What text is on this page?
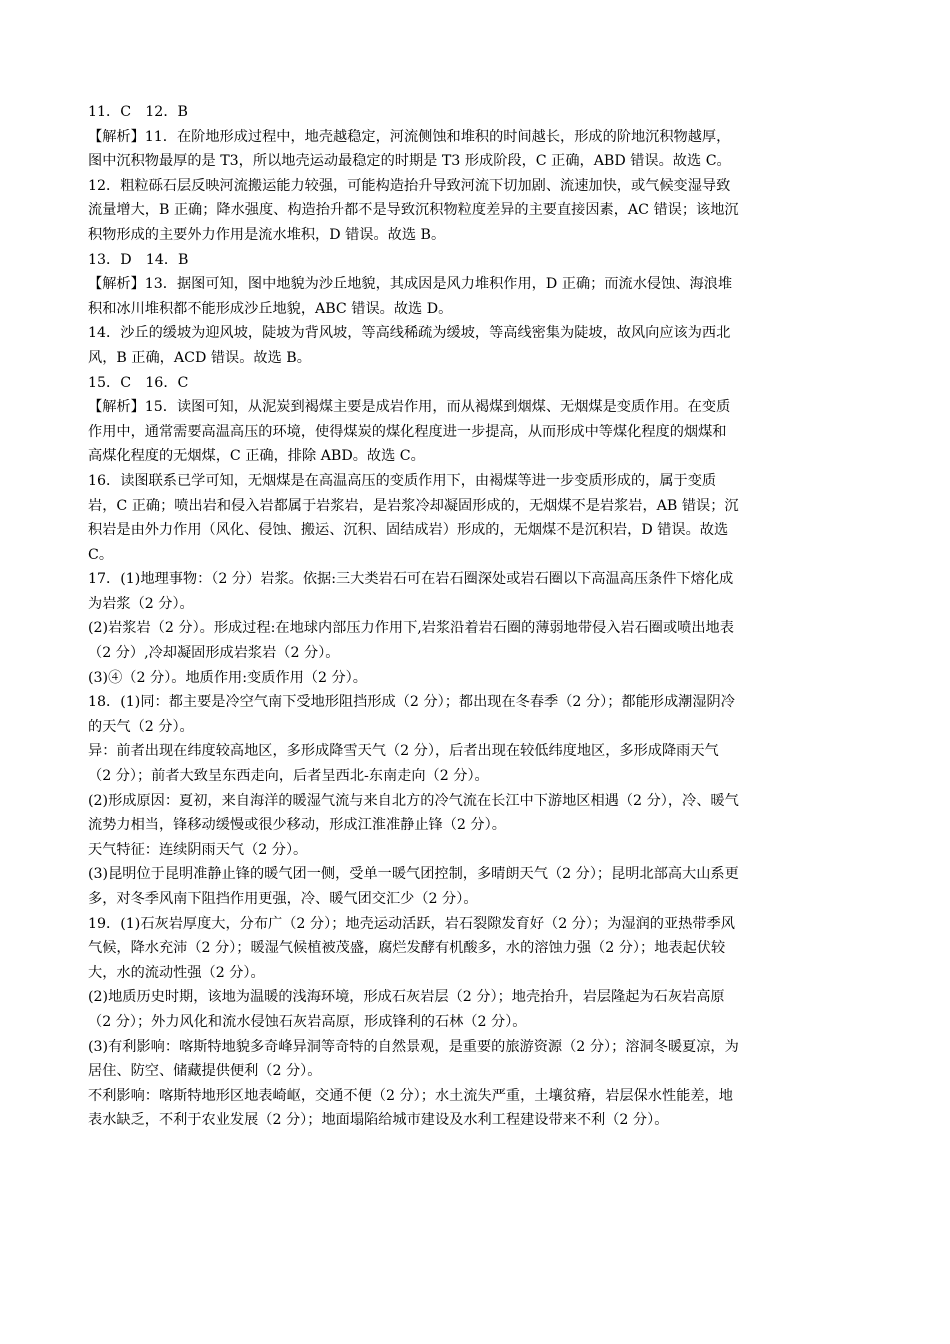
11．C　12．B
【解析】11．在阶地形成过程中，地壳越稳定，河流侧蚀和堆积的时间越长，形成的阶地沉积物越厚，
图中沉积物最厚的是 T3，所以地壳运动最稳定的时期是 T3 形成阶段，C 正确，ABD 错误。故选 C。
12．粗粒砾石层反映河流搬运能力较强，可能构造抬升导致河流下切加剧、流速加快，或气候变湿导致
流量增大，B 正确；降水强度、构造抬升都不是导致沉积物粒度差异的主要直接因素，AC 错误；该地沉
积物形成的主要外力作用是流水堆积，D 错误。故选 B。
13．D　14．B
【解析】13．据图可知，图中地貌为沙丘地貌，其成因是风力堆积作用，D 正确；而流水侵蚀、海浪堆
积和冰川堆积都不能形成沙丘地貌，ABC 错误。故选 D。
14．沙丘的缓坡为迎风坡，陡坡为背风坡，等高线稀疏为缓坡，等高线密集为陡坡，故风向应该为西北
风，B 正确，ACD 错误。故选 B。
15．C　16．C
【解析】15．读图可知，从泥炭到褐煤主要是成岩作用，而从褐煤到烟煤、无烟煤是变质作用。在变质
作用中，通常需要高温高压的环境，使得煤炭的煤化程度进一步提高，从而形成中等煤化程度的烟煤和
高煤化程度的无烟煤，C 正确，排除 ABD。故选 C。
16．读图联系已学可知，无烟煤是在高温高压的变质作用下，由褐煤等进一步变质形成的，属于变质
岩，C 正确；喷出岩和侵入岩都属于岩浆岩，是岩浆冷却凝固形成的，无烟煤不是岩浆岩，AB 错误；沉
积岩是由外力作用（风化、侵蚀、搬运、沉积、固结成岩）形成的，无烟煤不是沉积岩，D 错误。故选
C。
17．(1)地理事物：（2 分）岩浆。依据:三大类岩石可在岩石圈深处或岩石圈以下高温高压条件下熔化成
为岩浆（2 分）。
(2)岩浆岩（2 分）。形成过程:在地球内部压力作用下,岩浆沿着岩石圈的薄弱地带侵入岩石圈或喷出地表
（2 分）,冷却凝固形成岩浆岩（2 分）。
(3)④（2 分）。地质作用:变质作用（2 分）。
18．(1)同：都主要是冷空气南下受地形阻挡形成（2 分）；都出现在冬春季（2 分）；都能形成潮湿阴冷
的天气（2 分）。
异：前者出现在纬度较高地区，多形成降雪天气（2 分），后者出现在较低纬度地区，多形成降雨天气
（2 分）；前者大致呈东西走向，后者呈西北-东南走向（2 分）。
(2)形成原因：夏初，来自海洋的暖湿气流与来自北方的冷气流在长江中下游地区相遇（2 分），冷、暖气
流势力相当，锋移动缓慢或很少移动，形成江淮准静止锋（2 分）。
天气特征：连续阴雨天气（2 分）。
(3)昆明位于昆明准静止锋的暖气团一侧，受单一暖气团控制，多晴朗天气（2 分）；昆明北部高大山系更
多，对冬季风南下阻挡作用更强，冷、暖气团交汇少（2 分）。
19．(1)石灰岩厚度大，分布广（2 分）；地壳运动活跃，岩石裂隙发育好（2 分）；为湿润的亚热带季风
气候，降水充沛（2 分）；暖湿气候植被茂盛，腐烂发酵有机酸多，水的溶蚀力强（2 分）；地表起伏较
大，水的流动性强（2 分）。
(2)地质历史时期，该地为温暖的浅海环境，形成石灰岩层（2 分）；地壳抬升，岩层隆起为石灰岩高原
（2 分）；外力风化和流水侵蚀石灰岩高原，形成锋利的石林（2 分）。
(3)有利影响：喀斯特地貌多奇峰异洞等奇特的自然景观，是重要的旅游资源（2 分）；溶洞冬暖夏凉，为
居住、防空、储藏提供便利（2 分）。
不利影响：喀斯特地形区地表崎岖，交通不便（2 分）；水土流失严重，土壤贫瘠，岩层保水性能差，地
表水缺乏，不利于农业发展（2 分）；地面塌陷给城市建设及水利工程建设带来不利（2 分）。
